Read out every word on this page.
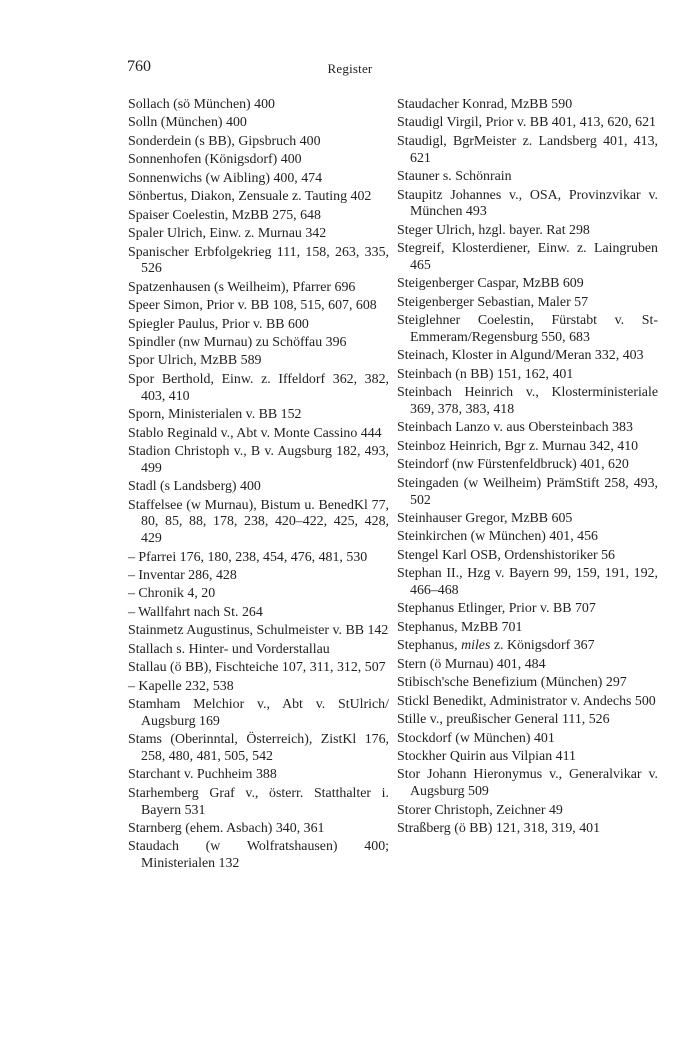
760	Register
Sollach (sö München) 400
Solln (München) 400
Sonderdein (s BB), Gipsbruch 400
Sonnenhofen (Königsdorf) 400
Sonnenwichs (w Aibling) 400, 474
Sönbertus, Diakon, Zensuale z. Tauting 402
Spaiser Coelestin, MzBB 275, 648
Spaler Ulrich, Einw. z. Murnau 342
Spanischer Erbfolgekrieg 111, 158, 263, 335, 526
Spatzenhausen (s Weilheim), Pfarrer 696
Speer Simon, Prior v. BB 108, 515, 607, 608
Spiegler Paulus, Prior v. BB 600
Spindler (nw Murnau) zu Schöffau 396
Spor Ulrich, MzBB 589
Spor Berthold, Einw. z. Iffeldorf 362, 382, 403, 410
Sporn, Ministerialen v. BB 152
Stablo Reginald v., Abt v. Monte Cassino 444
Stadion Christoph v., B v. Augsburg 182, 493, 499
Stadl (s Landsberg) 400
Staffelsee (w Murnau), Bistum u. BenedKl 77, 80, 85, 88, 178, 238, 420–422, 425, 428, 429
– Pfarrei 176, 180, 238, 454, 476, 481, 530
– Inventar 286, 428
– Chronik 4, 20
– Wallfahrt nach St. 264
Stainmetz Augustinus, Schulmeister v. BB 142
Stallach s. Hinter- und Vorderstallau
Stallau (ö BB), Fischteiche 107, 311, 312, 507
– Kapelle 232, 538
Stamham Melchior v., Abt v. StUlrich/ Augsburg 169
Stams (Oberinntal, Österreich), ZistKl 176, 258, 480, 481, 505, 542
Starchant v. Puchheim 388
Starhemberg Graf v., österr. Statthalter i. Bayern 531
Starnberg (ehem. Asbach) 340, 361
Staudach (w Wolfratshausen) 400; Ministerialen 132
Staudacher Konrad, MzBB 590
Staudigl Virgil, Prior v. BB 401, 413, 620, 621
Staudigl, BgrMeister z. Landsberg 401, 413, 621
Stauner s. Schönrain
Staupitz Johannes v., OSA, Provinzvikar v. München 493
Steger Ulrich, hzgl. bayer. Rat 298
Stegreif, Klosterdiener, Einw. z. Laingruben 465
Steigenberger Caspar, MzBB 609
Steigenberger Sebastian, Maler 57
Steiglehner Coelestin, Fürstabt v. St-Emmeram/Regensburg 550, 683
Steinach, Kloster in Algund/Meran 332, 403
Steinbach (n BB) 151, 162, 401
Steinbach Heinrich v., Klosterministeriale 369, 378, 383, 418
Steinbach Lanzo v. aus Obersteinbach 383
Steinboz Heinrich, Bgr z. Murnau 342, 410
Steindorf (nw Fürstenfeldbruck) 401, 620
Steingaden (w Weilheim) PrämStift 258, 493, 502
Steinhauser Gregor, MzBB 605
Steinkirchen (w München) 401, 456
Stengel Karl OSB, Ordenshistoriker 56
Stephan II., Hzg v. Bayern 99, 159, 191, 192, 466–468
Stephanus Etlinger, Prior v. BB 707
Stephanus, MzBB 701
Stephanus, miles z. Königsdorf 367
Stern (ö Murnau) 401, 484
Stibisch'sche Benefizium (München) 297
Stickl Benedikt, Administrator v. Andechs 500
Stille v., preußischer General 111, 526
Stockdorf (w München) 401
Stockher Quirin aus Vilpian 411
Stor Johann Hieronymus v., Generalvikar v. Augsburg 509
Storer Christoph, Zeichner 49
Straßberg (ö BB) 121, 318, 319, 401
